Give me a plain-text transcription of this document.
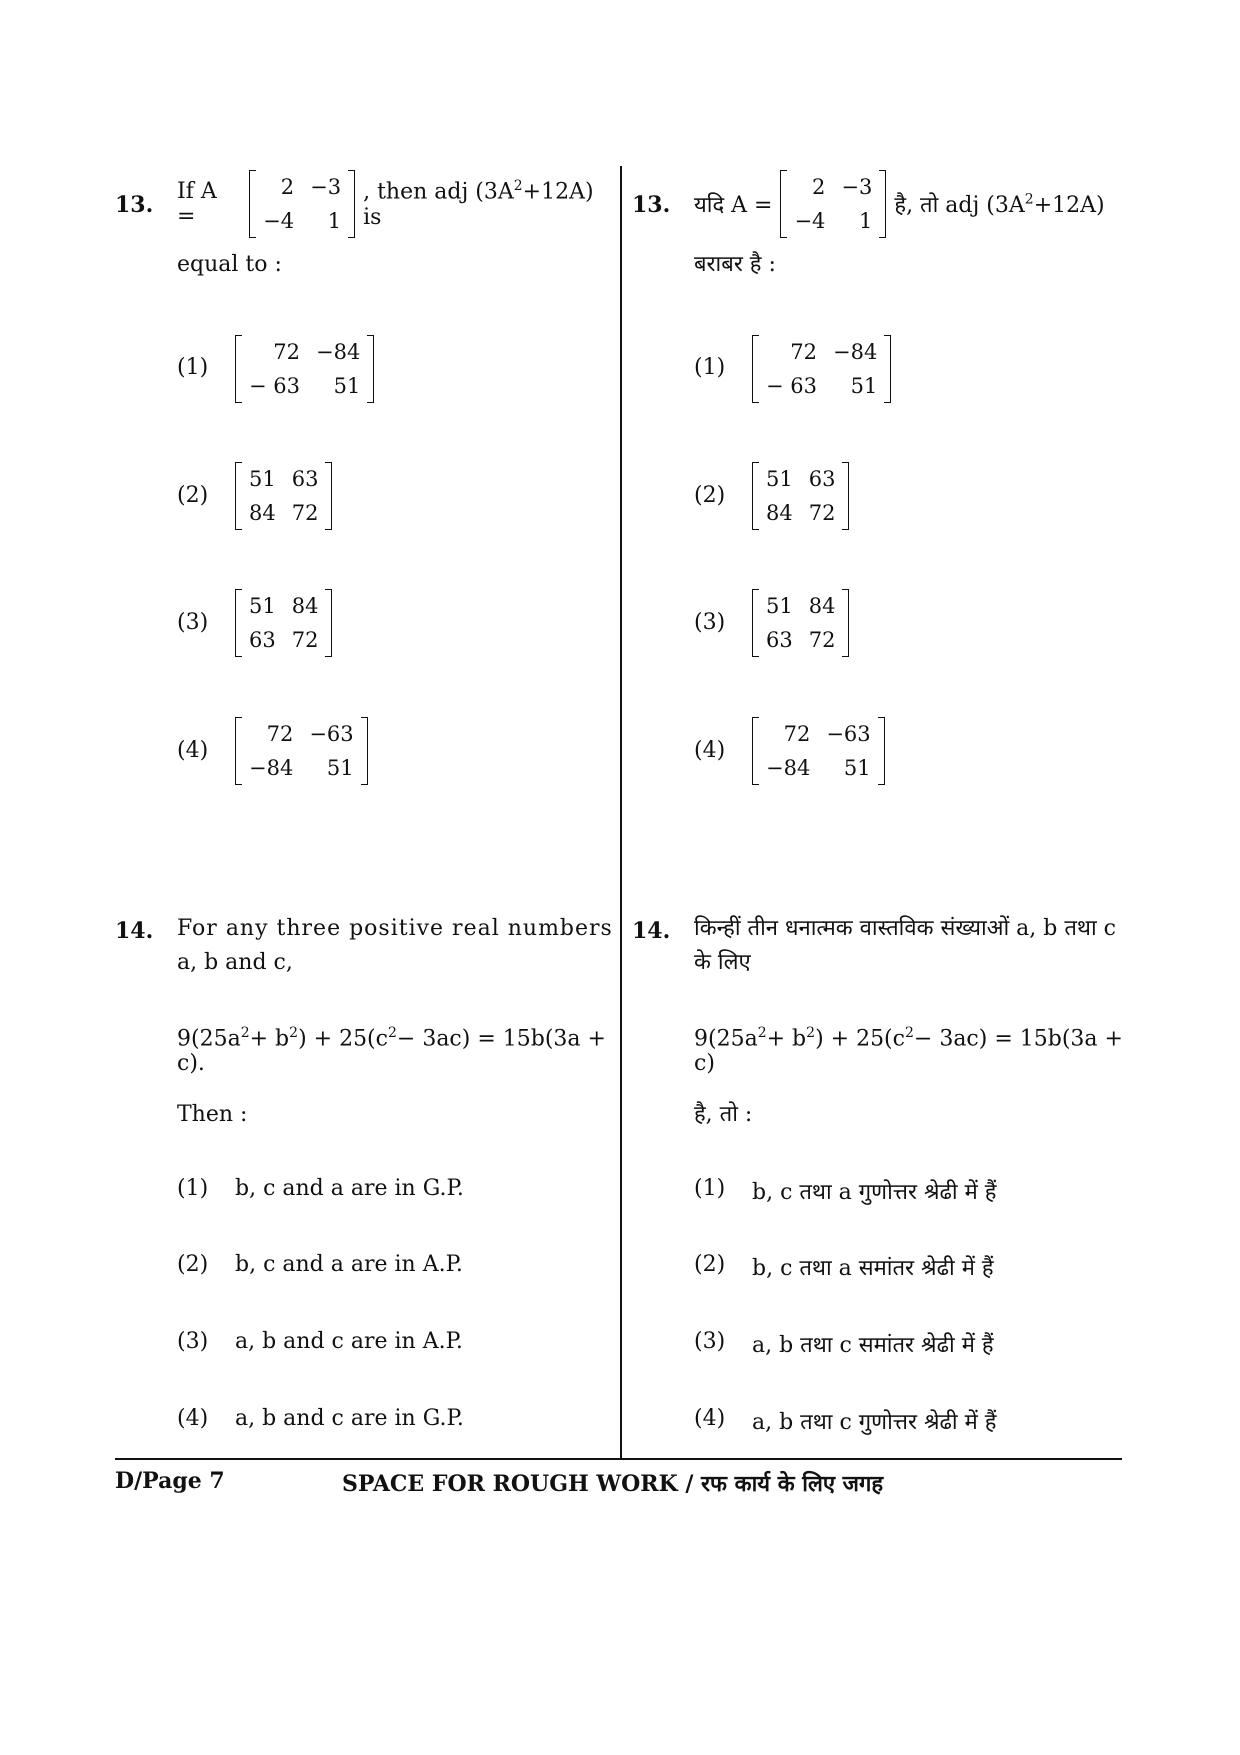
13.
If A =
2	−3
−4	1
, then adj $(3A^2+12A)$ is
equal to :
(1)
72	−84
− 63	51
(2)
51	63
84	72
(3)
51	84
63	72
(4)
72	−63
−84	51
14. For any three positive real numbers
a, b and c,
$9(25a^2+ b^2) + 25(c^2- 3ac) = 15b(3a + c)$.
Then :
(1) b, c and a are in G.P.
(2) b, c and a are in A.P.
(3) a, b and c are in A.P.
(4) a, b and c are in G.P.
13. यदि A =
2	−3
−4	1
है, तो adj $(3A^2+12A)$
बराबर है :
(1)
72	−84
− 63	51
(2)
51	63
84	72
(3)
51	84
63	72
(4)
72	−63
−84	51
14. किन्हीं तीन धनात्मक वास्तविक संख्याओं a, b तथा c
के लिए
$9(25a^2+ b^2) + 25(c^2- 3ac) = 15b(3a + c)$
है, तो :
(1) b, c तथा a गुणोत्तर श्रेढी में हैं
(2) b, c तथा a समांतर श्रेढी में हैं
(3) a, b तथा c समांतर श्रेढी में हैं
(4) a, b तथा c गुणोत्तर श्रेढी में हैं
D/Page 7	SPACE FOR ROUGH WORK / रफ कार्य के लिए जगह
